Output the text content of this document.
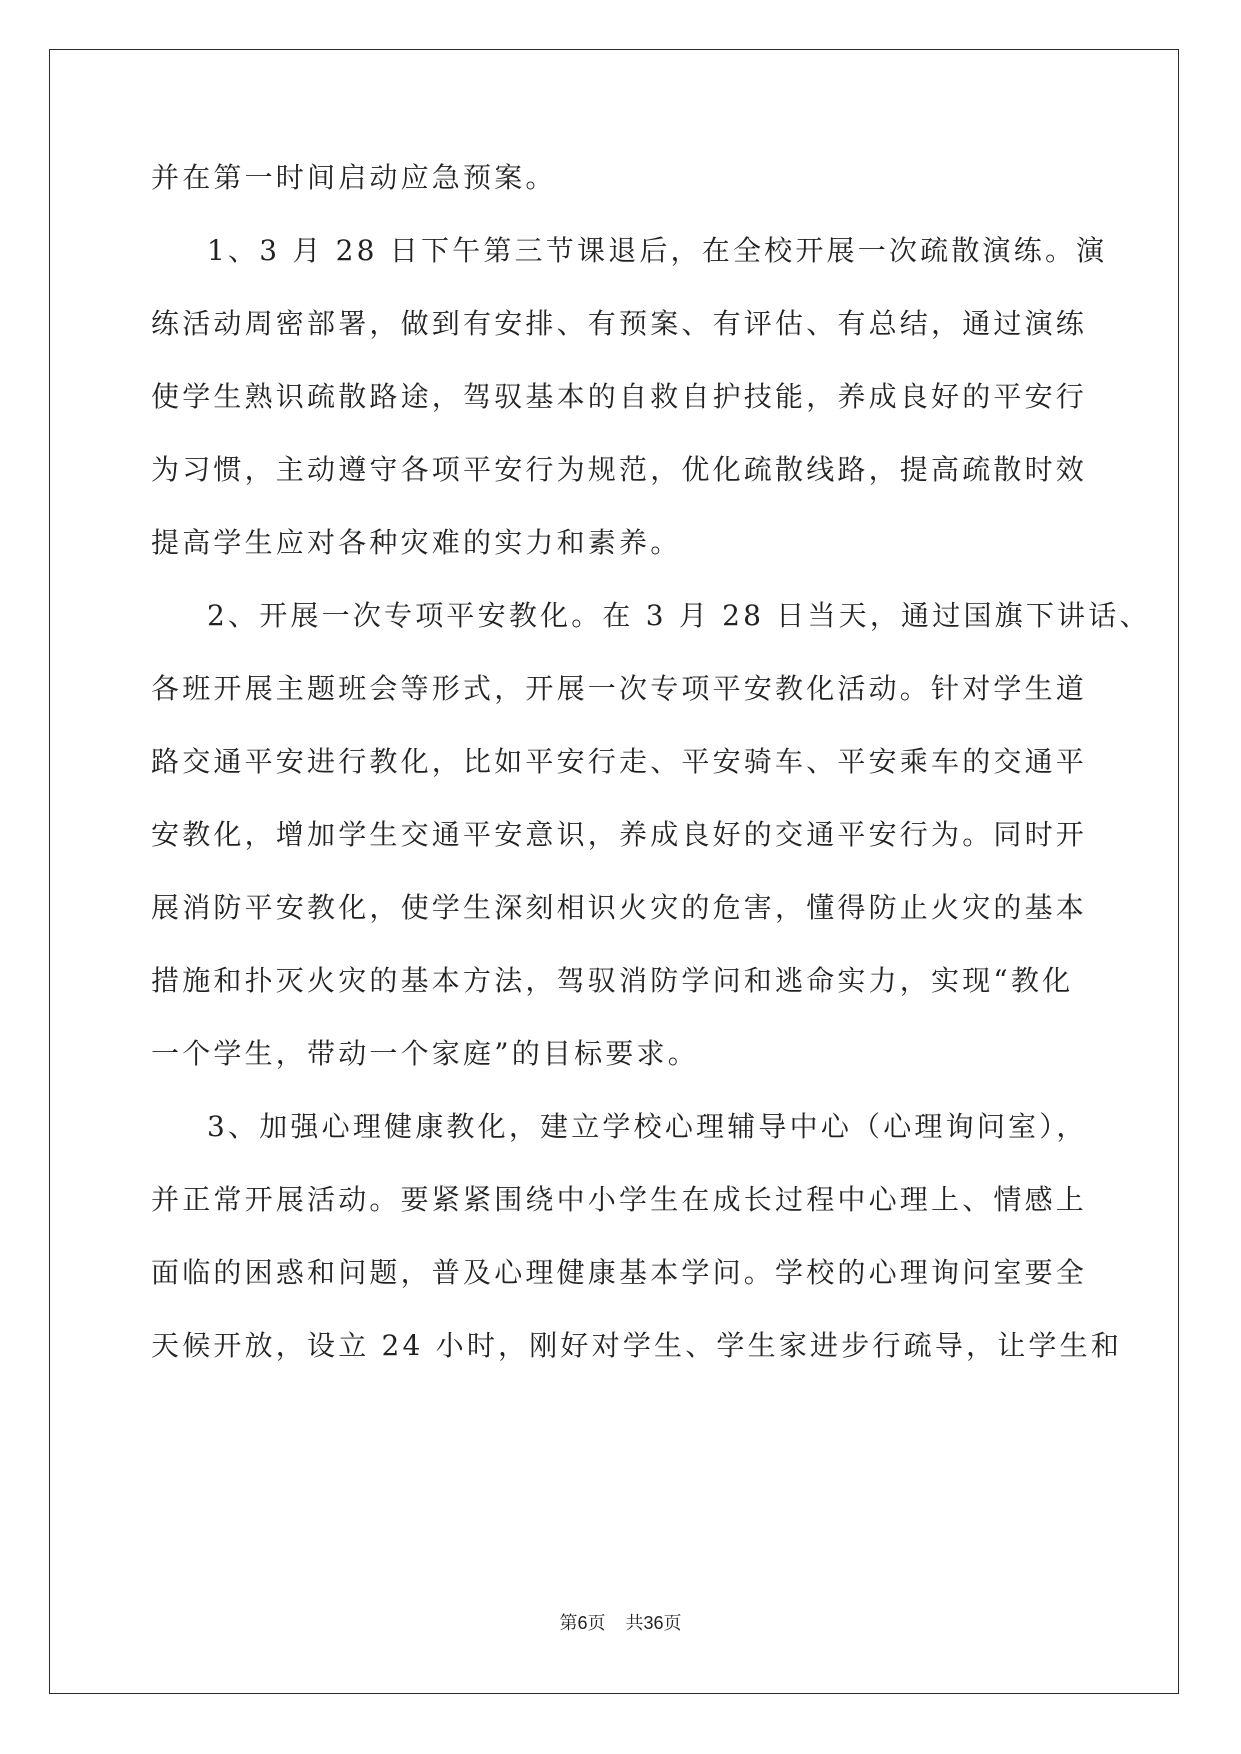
并在第一时间启动应急预案。
1、3 月 28 日下午第三节课退后，在全校开展一次疏散演练。演
练活动周密部署，做到有安排、有预案、有评估、有总结，通过演练
使学生熟识疏散路途，驾驭基本的自救自护技能，养成良好的平安行
为习惯，主动遵守各项平安行为规范，优化疏散线路，提高疏散时效
提高学生应对各种灾难的实力和素养。
2、开展一次专项平安教化。在 3 月 28 日当天，通过国旗下讲话、
各班开展主题班会等形式，开展一次专项平安教化活动。针对学生道
路交通平安进行教化，比如平安行走、平安骑车、平安乘车的交通平
安教化，增加学生交通平安意识，养成良好的交通平安行为。同时开
展消防平安教化，使学生深刻相识火灾的危害，懂得防止火灾的基本
措施和扑灭火灾的基本方法，驾驭消防学问和逃命实力，实现“教化
一个学生，带动一个家庭”的目标要求。
3、加强心理健康教化，建立学校心理辅导中心（心理询问室），
并正常开展活动。要紧紧围绕中小学生在成长过程中心理上、情感上
面临的困惑和问题，普及心理健康基本学问。学校的心理询问室要全
天候开放，设立 24 小时，刚好对学生、学生家进步行疏导，让学生和
第6页 共36页
